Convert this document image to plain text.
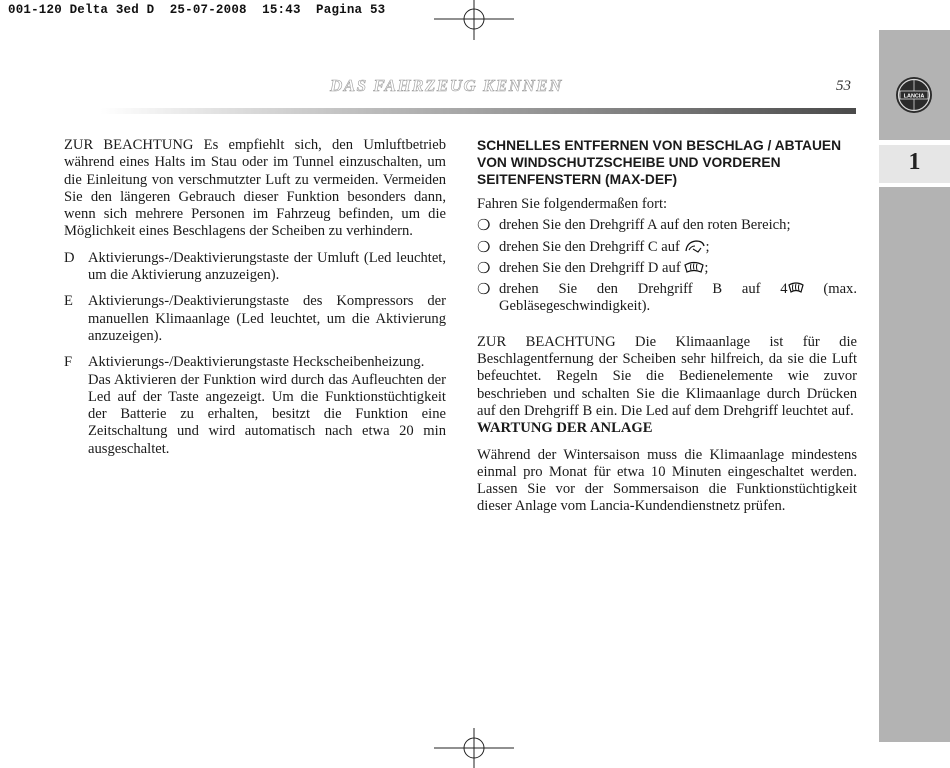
001-120 Delta 3ed D  25-07-2008  15:43  Pagina 53
DAS FAHRZEUG KENNEN	53
LANCIA
1

ZUR BEACHTUNG Es empfiehlt sich, den Umluftbetrieb während eines Halts im Stau oder im Tunnel einzuschalten, um die Einleitung von verschmutzter Luft zu vermeiden. Vermeiden Sie den längeren Gebrauch dieser Funktion besonders dann, wenn sich mehrere Personen im Fahrzeug befinden, um die Möglichkeit eines Beschlagens der Scheiben zu verhindern.

D Aktivierungs-/Deaktivierungstaste der Umluft (Led leuchtet, um die Aktivierung anzuzeigen).

E	Aktivierungs-/Deaktivierungstaste des Kompressors der manuellen Klimaanlage (Led leuchtet, um die Aktivierung anzuzeigen).

F	Aktivierungs-/Deaktivierungstaste Heckscheibenheizung.

Das Aktivieren der Funktion wird durch das Aufleuchten der Led auf der Taste angezeigt. Um die Funktionstüchtigkeit der Batterie zu erhalten, besitzt die Funktion eine Zeitschaltung und wird automatisch nach etwa 20 min ausgeschaltet.

SCHNELLES ENTFERNEN VON BESCHLAG / ABTAUEN VON WINDSCHUTZSCHEIBE UND VORDEREN SEITENFENSTERN (MAX-DEF)

Fahren Sie folgendermaßen fort:

❍ drehen Sie den Drehgriff A auf den roten Bereich;
❍ drehen Sie den Drehgriff C auf ;
❍ drehen Sie den Drehgriff D auf ;
❍ drehen Sie den Drehgriff B auf 4 (max. Gebläsegeschwindigkeit).

ZUR BEACHTUNG Die Klimaanlage ist für die Beschlagentfernung der Scheiben sehr hilfreich, da sie die Luft befeuchtet. Regeln Sie die Bedienelemente wie zuvor beschrieben und schalten Sie die Klimaanlage durch Drücken auf den Drehgriff B ein. Die Led auf dem Drehgriff leuchtet auf.

WARTUNG DER ANLAGE

Während der Wintersaison muss die Klimaanlage mindestens einmal pro Monat für etwa 10 Minuten eingeschaltet werden. Lassen Sie vor der Sommersaison die Funktionstüchtigkeit dieser Anlage vom Lancia-Kundendienstnetz prüfen.
